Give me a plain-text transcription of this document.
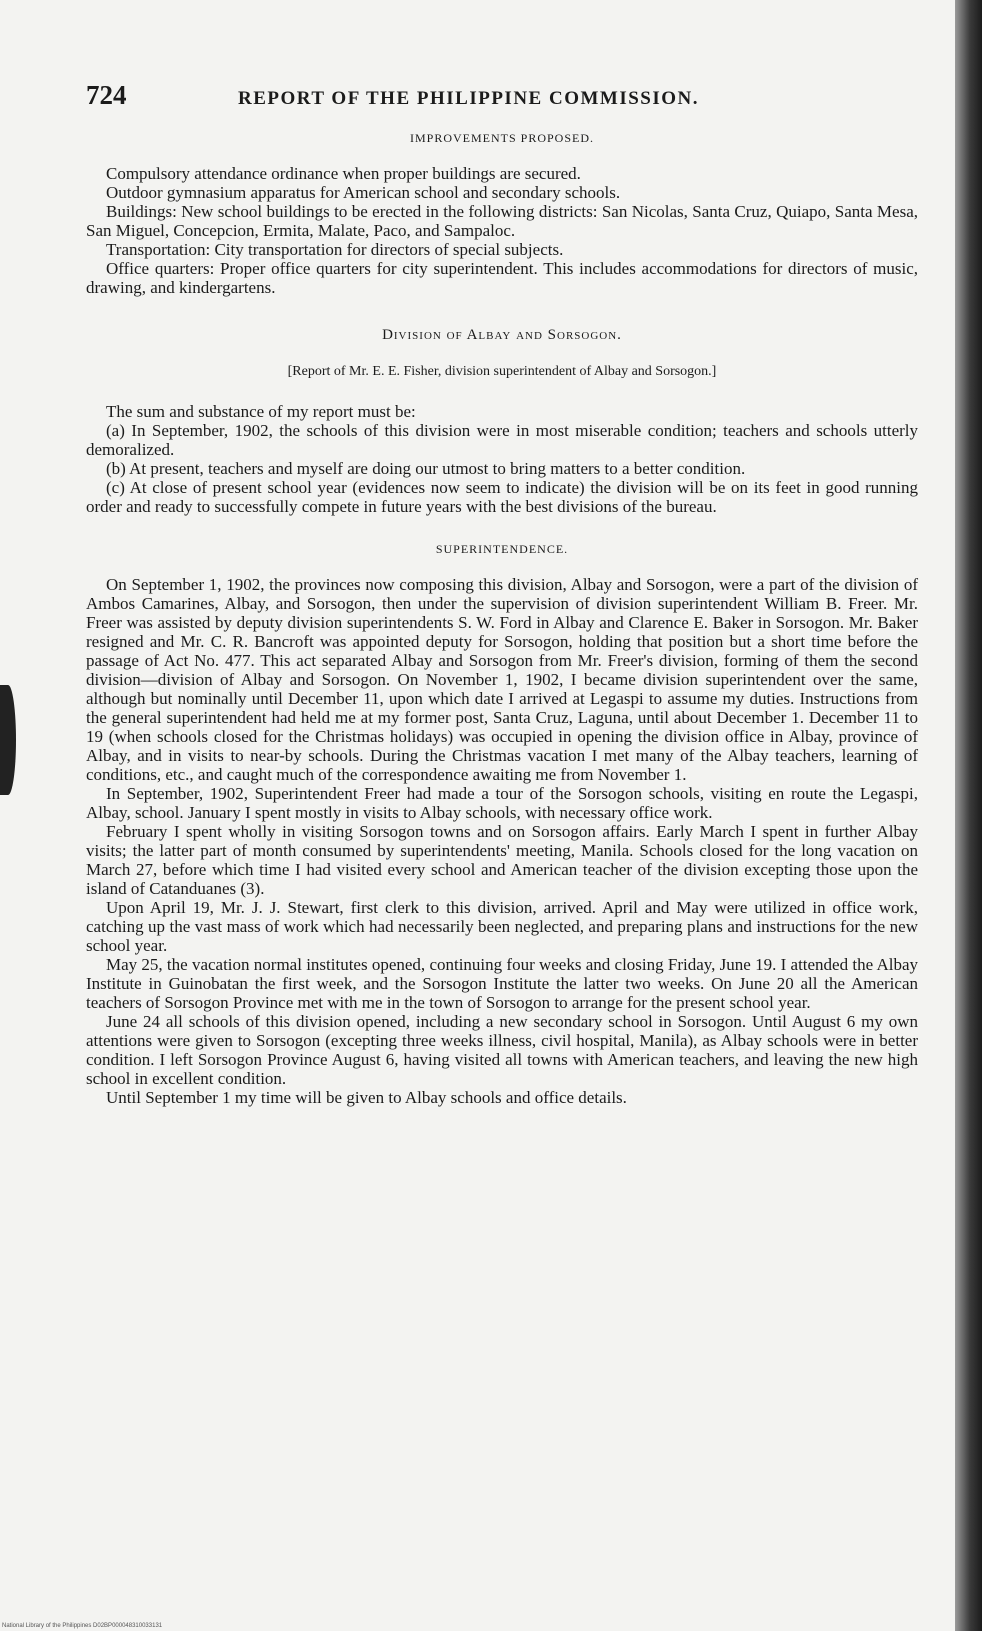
724	REPORT OF THE PHILIPPINE COMMISSION.
IMPROVEMENTS PROPOSED.

Compulsory attendance ordinance when proper buildings are secured.

Outdoor gymnasium apparatus for American school and secondary schools.

Buildings: New school buildings to be erected in the following districts: San Nicolas, Santa Cruz, Quiapo, Santa Mesa, San Miguel, Concepcion, Ermita, Malate, Paco, and Sampaloc.

Transportation: City transportation for directors of special subjects.

Office quarters: Proper office quarters for city superintendent. This includes accommodations for directors of music, drawing, and kindergartens.

Division of Albay and Sorsogon.
[Report of Mr. E. E. Fisher, division superintendent of Albay and Sorsogon.]

The sum and substance of my report must be:

(a) In September, 1902, the schools of this division were in most miserable condition; teachers and schools utterly demoralized.

(b) At present, teachers and myself are doing our utmost to bring matters to a better condition.

(c) At close of present school year (evidences now seem to indicate) the division will be on its feet in good running order and ready to successfully compete in future years with the best divisions of the bureau.

SUPERINTENDENCE.

On September 1, 1902, the provinces now composing this division, Albay and Sorsogon, were a part of the division of Ambos Camarines, Albay, and Sorsogon, then under the supervision of division superintendent William B. Freer. Mr. Freer was assisted by deputy division superintendents S. W. Ford in Albay and Clarence E. Baker in Sorsogon. Mr. Baker resigned and Mr. C. R. Bancroft was appointed deputy for Sorsogon, holding that position but a short time before the passage of Act No. 477. This act separated Albay and Sorsogon from Mr. Freer's division, forming of them the second division—division of Albay and Sorsogon. On November 1, 1902, I became division superintendent over the same, although but nominally until December 11, upon which date I arrived at Legaspi to assume my duties. Instructions from the general superintendent had held me at my former post, Santa Cruz, Laguna, until about December 1. December 11 to 19 (when schools closed for the Christmas holidays) was occupied in opening the division office in Albay, province of Albay, and in visits to near-by schools. During the Christmas vacation I met many of the Albay teachers, learning of conditions, etc., and caught much of the correspondence awaiting me from November 1.

In September, 1902, Superintendent Freer had made a tour of the Sorsogon schools, visiting en route the Legaspi, Albay, school. January I spent mostly in visits to Albay schools, with necessary office work.

February I spent wholly in visiting Sorsogon towns and on Sorsogon affairs. Early March I spent in further Albay visits; the latter part of month consumed by superintendents' meeting, Manila. Schools closed for the long vacation on March 27, before which time I had visited every school and American teacher of the division excepting those upon the island of Catanduanes (3).

Upon April 19, Mr. J. J. Stewart, first clerk to this division, arrived. April and May were utilized in office work, catching up the vast mass of work which had necessarily been neglected, and preparing plans and instructions for the new school year.

May 25, the vacation normal institutes opened, continuing four weeks and closing Friday, June 19. I attended the Albay Institute in Guinobatan the first week, and the Sorsogon Institute the latter two weeks. On June 20 all the American teachers of Sorsogon Province met with me in the town of Sorsogon to arrange for the present school year.

June 24 all schools of this division opened, including a new secondary school in Sorsogon. Until August 6 my own attentions were given to Sorsogon (excepting three weeks illness, civil hospital, Manila), as Albay schools were in better condition. I left Sorsogon Province August 6, having visited all towns with American teachers, and leaving the new high school in excellent condition.

Until September 1 my time will be given to Albay schools and office details.

National Library of the Philippines D02BP000048310033131
